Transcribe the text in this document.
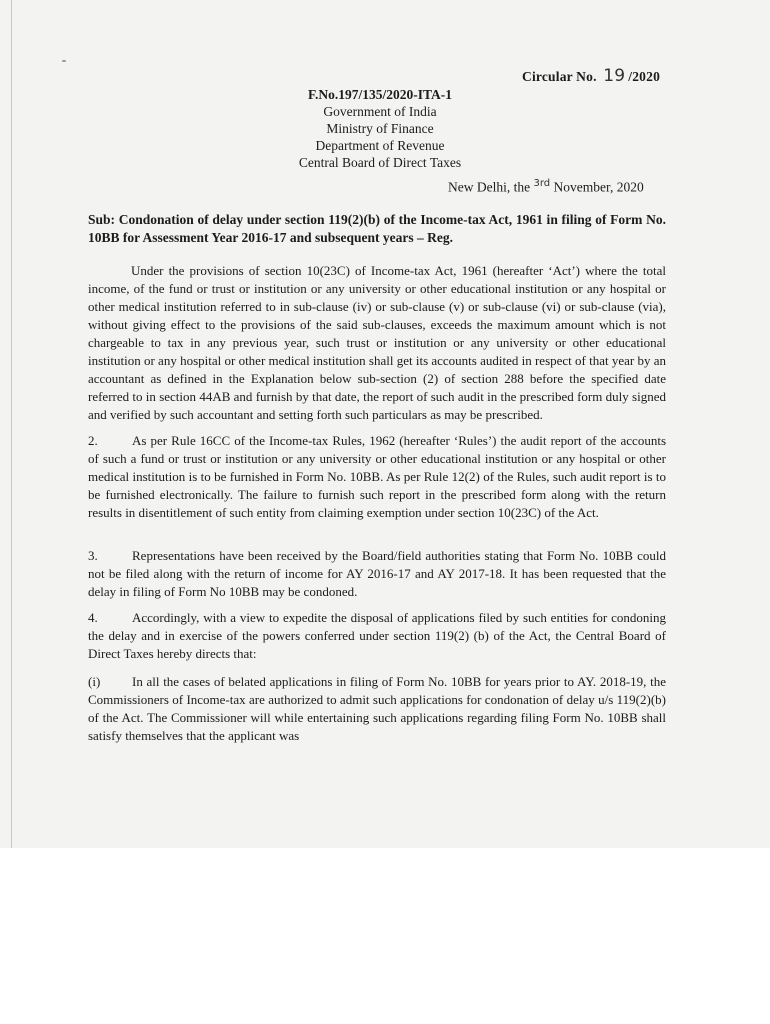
Circular No. 19 /2020
F.No.197/135/2020-ITA-1
Government of India
Ministry of Finance
Department of Revenue
Central Board of Direct Taxes
New Delhi, the $^{3rd}$ November, 2020
Sub: Condonation of delay under section 119(2)(b) of the Income-tax Act, 1961 in filing of Form No. 10BB for Assessment Year 2016-17 and subsequent years – Reg.
Under the provisions of section 10(23C) of Income-tax Act, 1961 (hereafter ‘Act’) where the total income, of the fund or trust or institution or any university or other educational institution or any hospital or other medical institution referred to in sub-clause (iv) or sub-clause (v) or sub-clause (vi) or sub-clause (via), without giving effect to the provisions of the said sub-clauses, exceeds the maximum amount which is not chargeable to tax in any previous year, such trust or institution or any university or other educational institution or any hospital or other medical institution shall get its accounts audited in respect of that year by an accountant as defined in the Explanation below sub-section (2) of section 288 before the specified date referred to in section 44AB and furnish by that date, the report of such audit in the prescribed form duly signed and verified by such accountant and setting forth such particulars as may be prescribed.
2.	As per Rule 16CC of the Income-tax Rules, 1962 (hereafter ‘Rules’) the audit report of the accounts of such a fund or trust or institution or any university or other educational institution or any hospital or other medical institution is to be furnished in Form No. 10BB. As per Rule 12(2) of the Rules, such audit report is to be furnished electronically. The failure to furnish such report in the prescribed form along with the return results in disentitlement of such entity from claiming exemption under section 10(23C) of the Act.
3.	Representations have been received by the Board/field authorities stating that Form No. 10BB could not be filed along with the return of income for AY 2016-17 and AY 2017-18. It has been requested that the delay in filing of Form No 10BB may be condoned.
4.	Accordingly, with a view to expedite the disposal of applications filed by such entities for condoning the delay and in exercise of the powers conferred under section 119(2) (b) of the Act, the Central Board of Direct Taxes hereby directs that:
(i) In all the cases of belated applications in filing of Form No. 10BB for years prior to AY. 2018-19, the Commissioners of Income-tax are authorized to admit such applications for condonation of delay u/s 119(2)(b) of the Act. The Commissioner will while entertaining such applications regarding filing Form No. 10BB shall satisfy themselves that the applicant was
